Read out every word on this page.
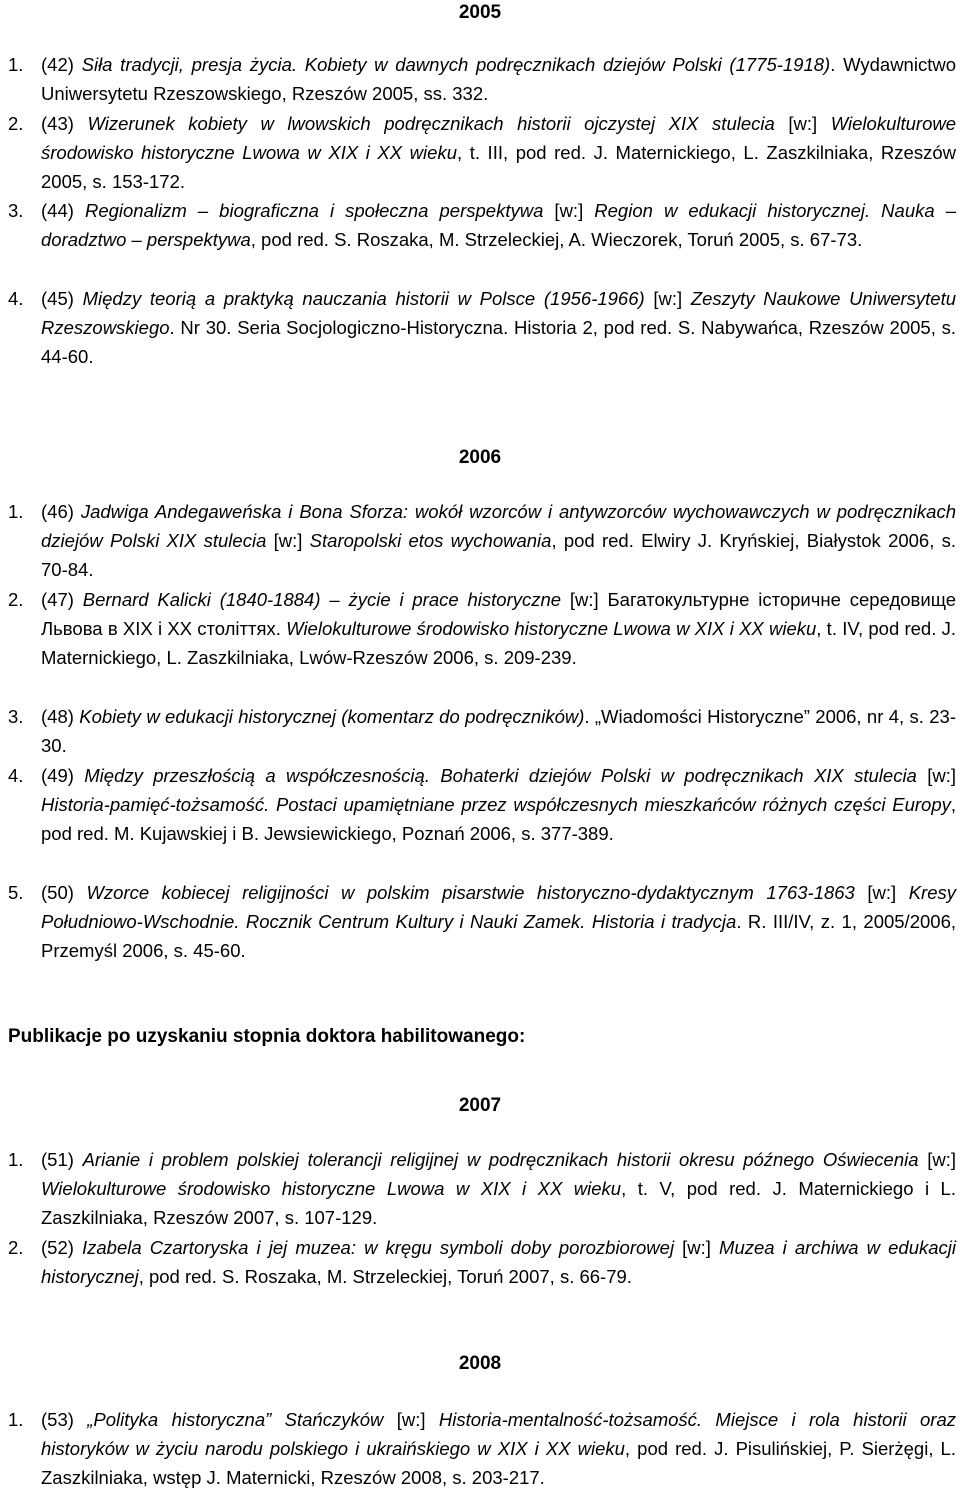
2005
1. (42) Siła tradycji, presja życia. Kobiety w dawnych podręcznikach dziejów Polski (1775-1918). Wydawnictwo Uniwersytetu Rzeszowskiego, Rzeszów 2005, ss. 332.
2. (43) Wizerunek kobiety w lwowskich podręcznikach historii ojczystej XIX stulecia [w:] Wielokulturowe środowisko historyczne Lwowa w XIX i XX wieku, t. III, pod red. J. Maternickiego, L. Zaszkilniaka, Rzeszów 2005, s. 153-172.
3. (44) Regionalizm – biograficzna i społeczna perspektywa [w:] Region w edukacji historycznej. Nauka – doradztwo – perspektywa, pod red. S. Roszaka, M. Strzeleckiej, A. Wieczorek, Toruń 2005, s. 67-73.
4. (45) Między teorią a praktyką nauczania historii w Polsce (1956-1966) [w:] Zeszyty Naukowe Uniwersytetu Rzeszowskiego. Nr 30. Seria Socjologiczno-Historyczna. Historia 2, pod red. S. Nabywańca, Rzeszów 2005, s. 44-60.
2006
1. (46) Jadwiga Andegaweńska i Bona Sforza: wokół wzorców i antywzorców wychowawczych w podręcznikach dziejów Polski XIX stulecia [w:] Staropolski etos wychowania, pod red. Elwiry J. Kryńskiej, Białystok 2006, s. 70-84.
2. (47) Bernard Kalicki (1840-1884) – życie i prace historyczne [w:] Багатокультурне історичне середовище Львова в XIX і XX століттях. Wielokulturowe środowisko historyczne Lwowa w XIX i XX wieku, t. IV, pod red. J. Maternickiego, L. Zaszkilniaka, Lwów-Rzeszów 2006, s. 209-239.
3. (48) Kobiety w edukacji historycznej (komentarz do podręczników). „Wiadomości Historyczne” 2006, nr 4, s. 23-30.
4. (49) Między przeszłością a współczesnością. Bohaterki dziejów Polski w podręcznikach XIX stulecia [w:] Historia-pamięć-tożsamość. Postaci upamiętniane przez współczesnych mieszkańców różnych części Europy, pod red. M. Kujawskiej i B. Jewsiewickiego, Poznań 2006, s. 377-389.
5. (50) Wzorce kobiecej religijności w polskim pisarstwie historyczno-dydaktycznym 1763-1863 [w:] Kresy Południowo-Wschodnie. Rocznik Centrum Kultury i Nauki Zamek. Historia i tradycja. R. III/IV, z. 1, 2005/2006, Przemyśl 2006, s. 45-60.
Publikacje po uzyskaniu stopnia doktora habilitowanego:
2007
1. (51) Arianie i problem polskiej tolerancji religijnej w podręcznikach historii okresu późnego Oświecenia [w:] Wielokulturowe środowisko historyczne Lwowa w XIX i XX wieku, t. V, pod red. J. Maternickiego i L. Zaszkilniaka, Rzeszów 2007, s. 107-129.
2. (52) Izabela Czartoryska i jej muzea: w kręgu symboli doby porozbiorowej [w:] Muzea i archiwa w edukacji historycznej, pod red. S. Roszaka, M. Strzeleckiej, Toruń 2007, s. 66-79.
2008
1. (53) „Polityka historyczna” Stańczyków [w:] Historia-mentalność-tożsamość. Miejsce i rola historii oraz historyków w życiu narodu polskiego i ukraińskiego w XIX i XX wieku, pod red. J. Pisulińskiej, P. Sierżęgi, L. Zaszkilniaka, wstęp J. Maternicki, Rzeszów 2008, s. 203-217.
